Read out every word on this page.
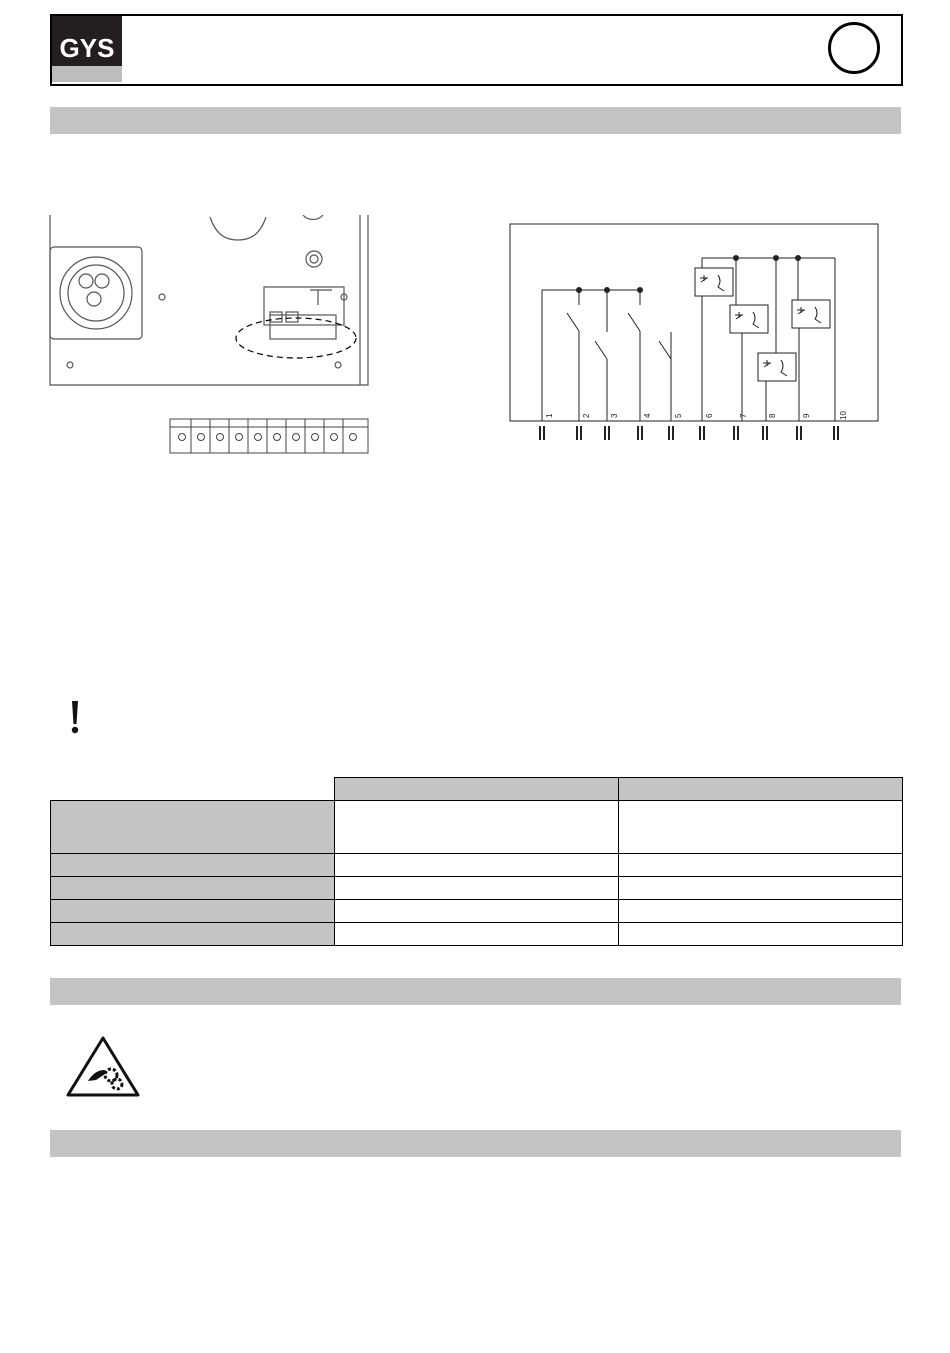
GYS
1	2 3	4	5	6	7	8	9	10
